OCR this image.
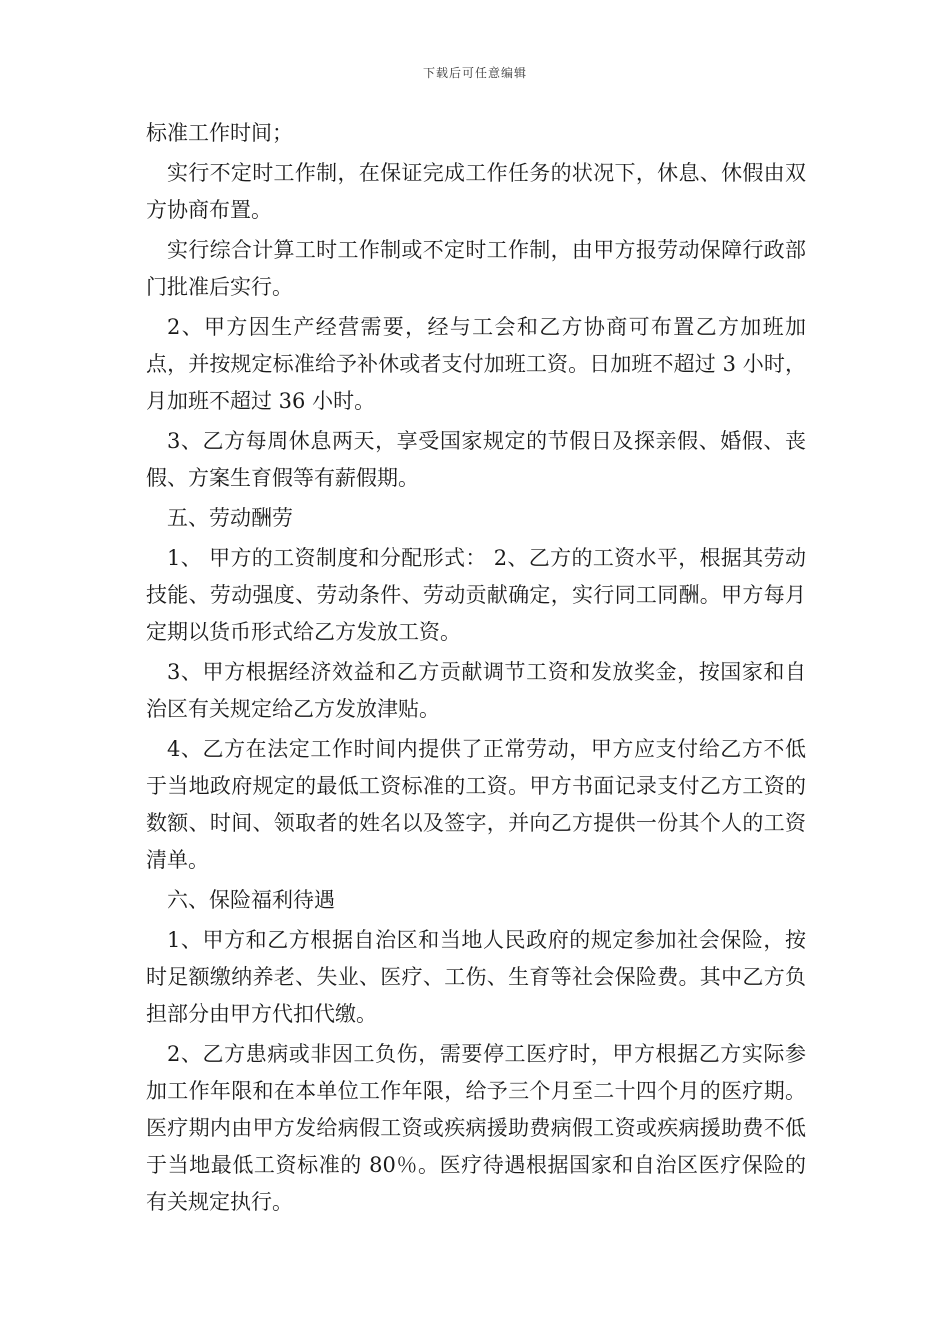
下载后可任意编辑

标准工作时间；

实行不定时工作制，在保证完成工作任务的状况下，休息、休假由双方协商布置。

实行综合计算工时工作制或不定时工作制，由甲方报劳动保障行政部门批准后实行。

2、甲方因生产经营需要，经与工会和乙方协商可布置乙方加班加点，并按规定标准给予补休或者支付加班工资。日加班不超过 3 小时，月加班不超过 36 小时。

3、乙方每周休息两天，享受国家规定的节假日及探亲假、婚假、丧假、方案生育假等有薪假期。

五、劳动酬劳

1、 甲方的工资制度和分配形式： 2、乙方的工资水平，根据其劳动技能、劳动强度、劳动条件、劳动贡献确定，实行同工同酬。甲方每月定期以货币形式给乙方发放工资。

3、甲方根据经济效益和乙方贡献调节工资和发放奖金，按国家和自治区有关规定给乙方发放津贴。

4、乙方在法定工作时间内提供了正常劳动，甲方应支付给乙方不低于当地政府规定的最低工资标准的工资。甲方书面记录支付乙方工资的数额、时间、领取者的姓名以及签字，并向乙方提供一份其个人的工资清单。

六、保险福利待遇

1、甲方和乙方根据自治区和当地人民政府的规定参加社会保险，按时足额缴纳养老、失业、医疗、工伤、生育等社会保险费。其中乙方负担部分由甲方代扣代缴。

2、乙方患病或非因工负伤，需要停工医疗时，甲方根据乙方实际参加工作年限和在本单位工作年限，给予三个月至二十四个月的医疗期。医疗期内由甲方发给病假工资或疾病援助费病假工资或疾病援助费不低于当地最低工资标准的 80％。医疗待遇根据国家和自治区医疗保险的有关规定执行。
